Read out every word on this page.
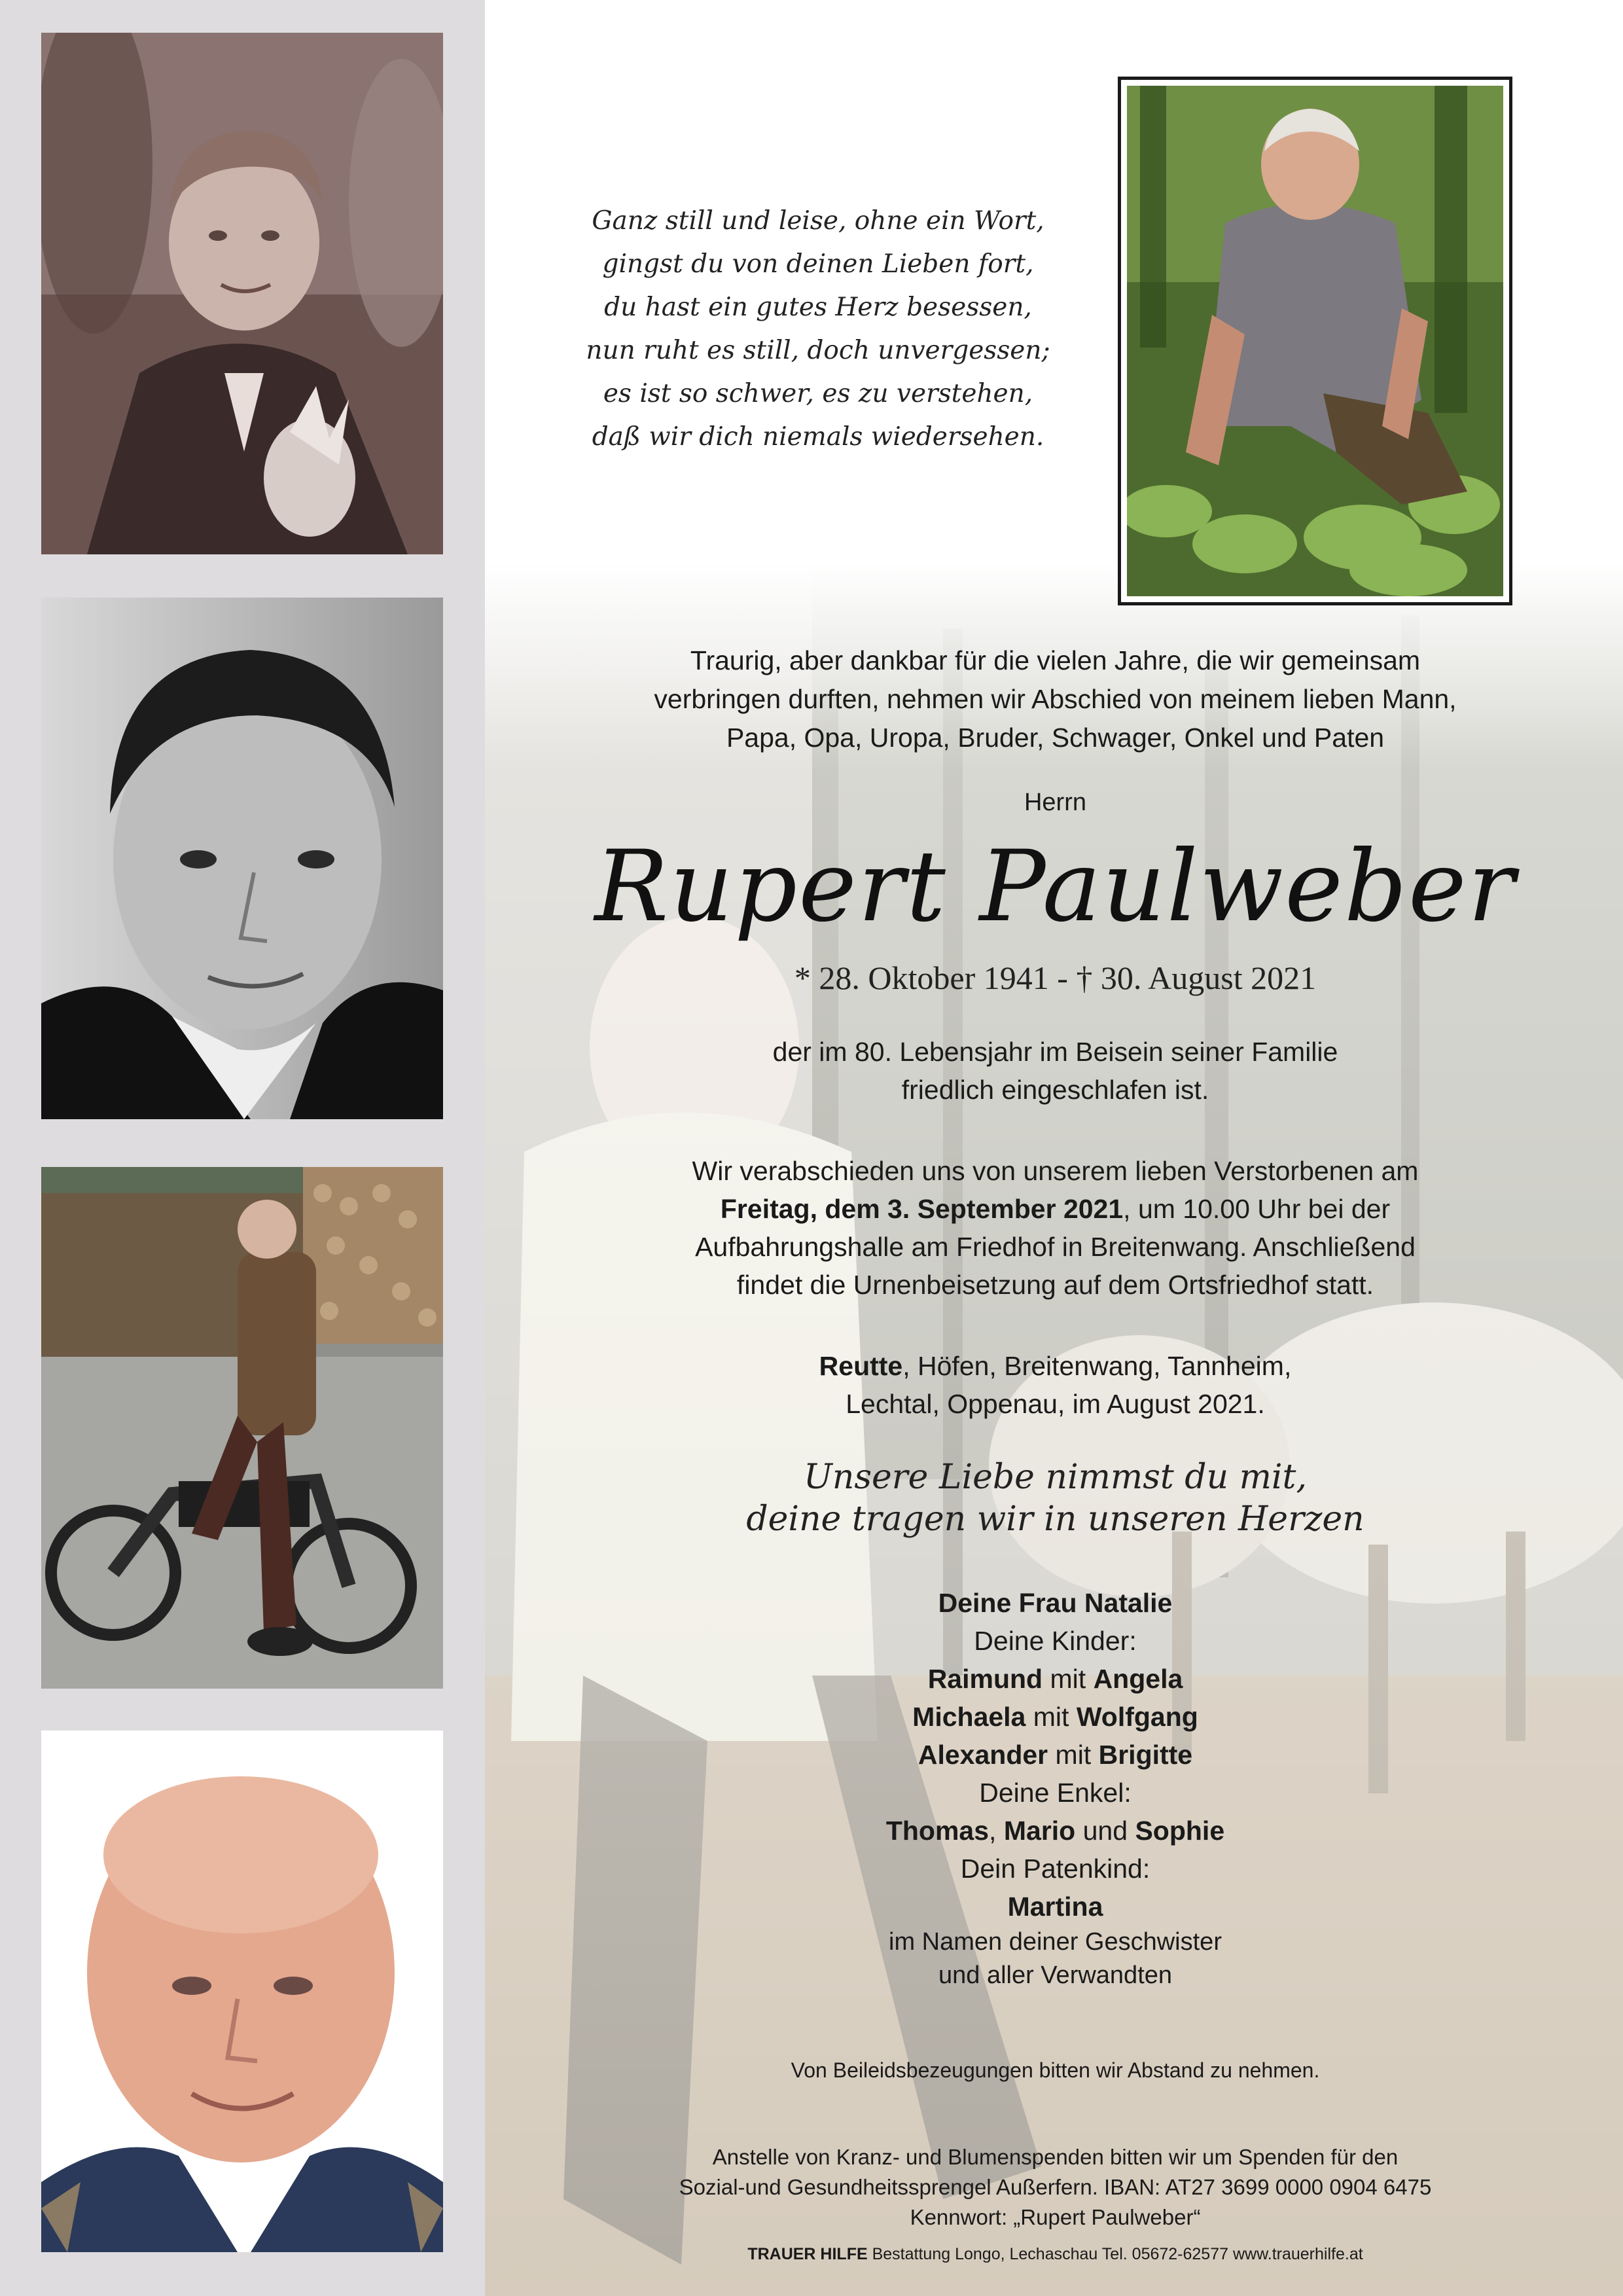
Ganz still und leise, ohne ein Wort,
gingst du von deinen Lieben fort,
du hast ein gutes Herz besessen,
nun ruht es still, doch unvergessen;
es ist so schwer, es zu verstehen,
daß wir dich niemals wiedersehen.
Traurig, aber dankbar für die vielen Jahre, die wir gemeinsam
verbringen durften, nehmen wir Abschied von meinem lieben Mann,
Papa, Opa, Uropa, Bruder, Schwager, Onkel und Paten
Herrn
Rupert Paulweber
* 28. Oktober 1941 - † 30. August 2021
der im 80. Lebensjahr im Beisein seiner Familie
friedlich eingeschlafen ist.
Wir verabschieden uns von unserem lieben Verstorbenen am
Freitag, dem 3. September 2021, um 10.00 Uhr bei der
Aufbahrungshalle am Friedhof in Breitenwang. Anschließend
findet die Urnenbeisetzung auf dem Ortsfriedhof statt.
Reutte, Höfen, Breitenwang, Tannheim,
Lechtal, Oppenau, im August 2021.
Unsere Liebe nimmst du mit,
deine tragen wir in unseren Herzen
Deine Frau Natalie
Deine Kinder:
Raimund mit Angela
Michaela mit Wolfgang
Alexander mit Brigitte
Deine Enkel:
Thomas, Mario und Sophie
Dein Patenkind:
Martina
im Namen deiner Geschwister
und aller Verwandten
Von Beileidsbezeugungen bitten wir Abstand zu nehmen.
Anstelle von Kranz- und Blumenspenden bitten wir um Spenden für den
Sozial-und Gesundheitssprengel Außerfern. IBAN: AT27 3699 0000 0904 6475
Kennwort: „Rupert Paulweber“
TRAUER HILFE Bestattung Longo, Lechaschau Tel. 05672-62577 www.trauerhilfe.at
